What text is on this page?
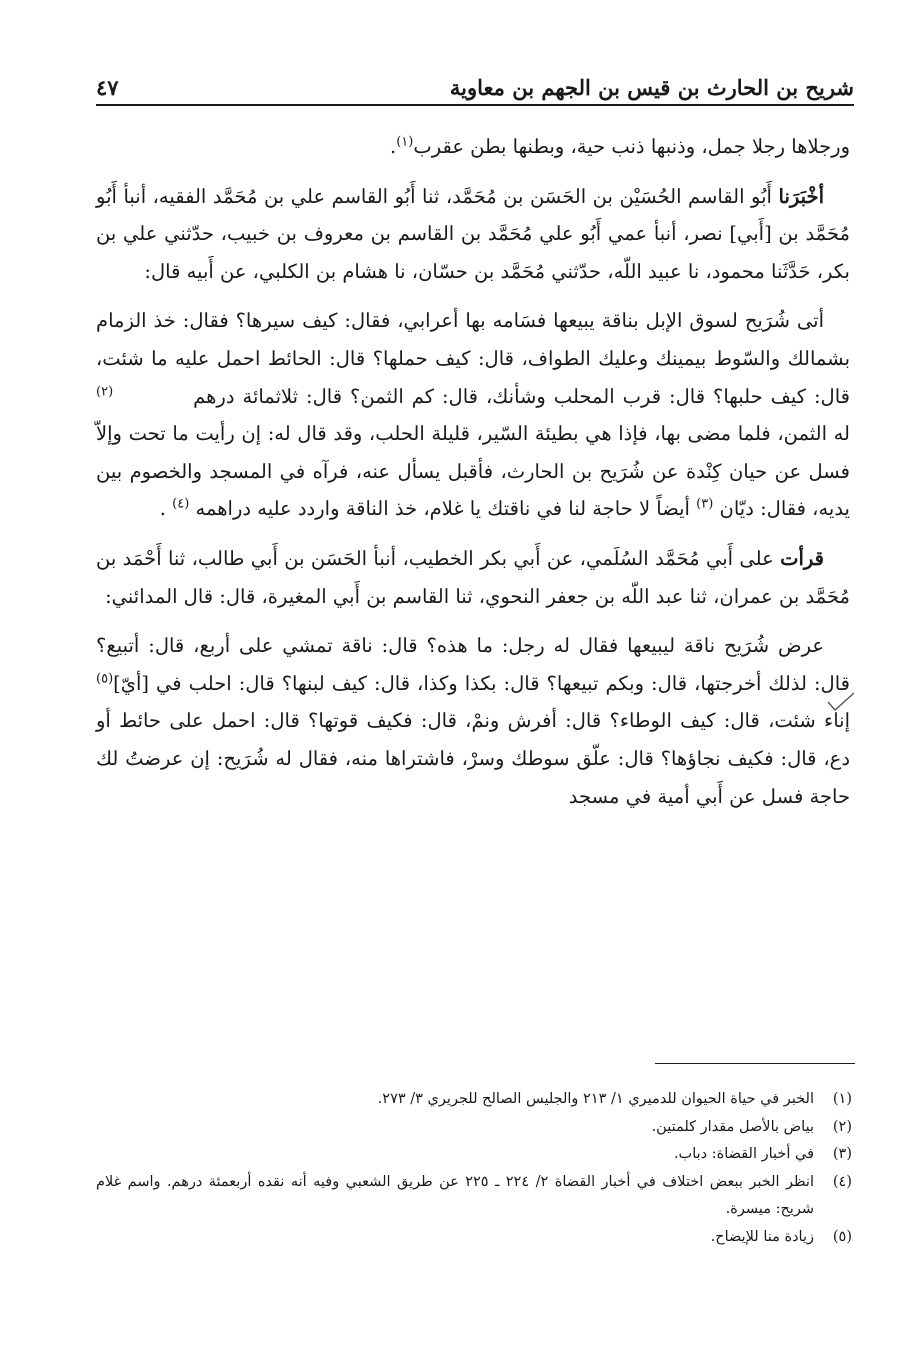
شريح بن الحارث بن قيس بن الجهم بن معاوية
٤٧

ورجلاها رجلا جمل، وذنبها ذنب حية، وبطنها بطن عقرب$^{(١)}$.

أخْبَرَنا أَبُو القاسم الحُسَيْن بن الحَسَن بن مُحَمَّد، ثنا أَبُو القاسم علي بن مُحَمَّد الفقيه، أنبأ أَبُو مُحَمَّد بن [أَبي] نصر، أنبأ عمي أَبُو علي مُحَمَّد بن القاسم بن معروف بن خبيب، حدّثني علي بن بكر، حَدَّثَنا محمود، نا عبيد اللّه، حدّثني مُحَمَّد بن حسّان، نا هشام بن الكلبي، عن أَبيه قال:

أتى شُرَيح لسوق الإبل بناقة يبيعها فسَامه بها أعرابي، فقال: كيف سيرها؟ فقال: خذ الزمام بشمالك والسّوط بيمينك وعليك الطواف، قال: كيف حملها؟ قال: الحائط احمل عليه ما شئت، قال: كيف حلبها؟ قال: قرب المحلب وشأنك، قال: كم الثمن؟ قال: ثلاثمائة درهم$^{(٢)}$ له الثمن، فلما مضى بها، فإذا هي بطيئة السّير، قليلة الحلب، وقد قال له: إن رأيت ما تحت وإلاّ فسل عن حيان كِنْدة عن شُرَيح بن الحارث، فأقبل يسأل عنه، فرآه في المسجد والخصوم بين يديه، فقال: ديّان $^{(٣)}$ أيضاً لا حاجة لنا في ناقتك يا غلام، خذ الناقة واردد عليه دراهمه $^{(٤)}$ .

قرأت على أَبي مُحَمَّد السُلَمي، عن أَبي بكر الخطيب، أنبأ الحَسَن بن أَبي طالب، ثنا أَحْمَد بن مُحَمَّد بن عمران، ثنا عبد اللّه بن جعفر النحوي، ثنا القاسم بن أَبي المغيرة، قال: قال المدائني:

عرض شُرَيح ناقة ليبيعها فقال له رجل: ما هذه؟ قال: ناقة تمشي على أربع، قال: أتبيع؟ قال: لذلك أخرجتها، قال: وبكم تبيعها؟ قال: بكذا وكذا، قال: كيف لبنها؟ قال: احلب في [أيّ]$^{(٥)}$ إناء شئت، قال: كيف الوطاء؟ قال: أفرش ونمْ، قال: فكيف قوتها؟ قال: احمل على حائط أو دع، قال: فكيف نجاؤها؟ قال: علّق سوطك وسرْ، فاشتراها منه، فقال له شُرَيح: إن عرضتُ لك حاجة فسل عن أَبي أمية في مسجد

(١)
الخبر في حياة الحيوان للدميري ١/ ٢١٣ والجليس الصالح للجريري ٣/ ٢٧٣.
(٢)
بياض بالأصل مقدار كلمتين.
(٣)
في أخبار القضاة: دباب.
(٤)
انظر الخبر ببعض اختلاف في أخبار القضاة ٢/ ٢٢٤ ـ ٢٢٥ عن طريق الشعبي وفيه أنه نقده أربعمئة درهم. واسم غلام شريح: ميسرة.
(٥)
زيادة منا للإيضاح.
